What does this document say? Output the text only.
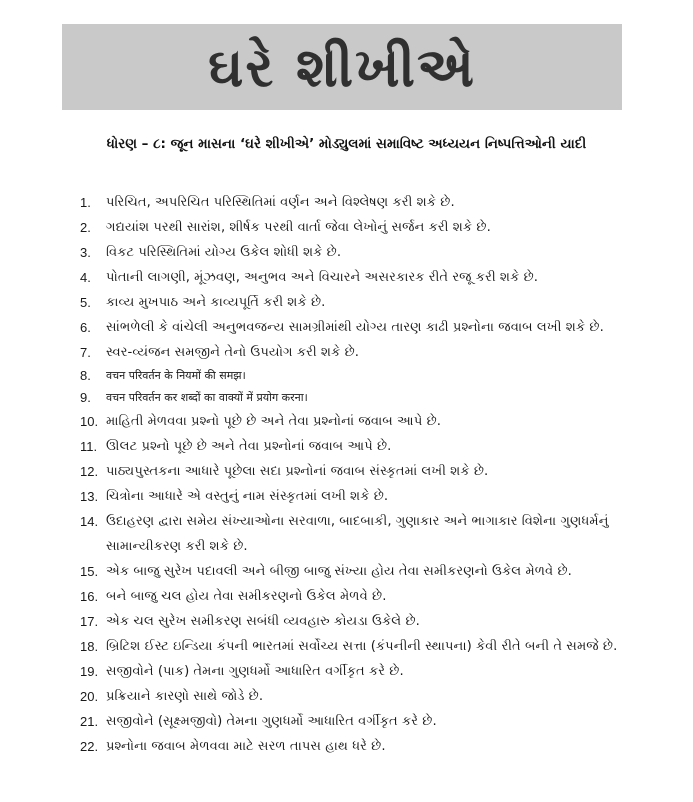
ઘરે શીખીએ
ધોરણ – ૮: જૂન માસના ‘ઘરે શીખીએ’ મોડ્યુલમાં સમાવિષ્ટ અધ્યયન નિષ્પત્તિઓની યાદી
1.	પરિચિત, અપરિચિત પરિસ્થિતિમાં વર્ણન અને વિશ્લેષણ કરી શકે છે.
2.	ગદ્યયાંશ પરથી સારાંશ, શીર્ષક પરથી વાર્તા જેવા લેખોનું સર્જન કરી શકે છે.
3.	વિકટ પરિસ્થિતિમાં યોગ્ય ઉકેલ શોધી શકે છે.
4.	પોતાની લાગણી, મૂંઝવણ, અનુભવ અને વિચારને અસરકારક રીતે રજૂ કરી શકે છે.
5.	કાવ્ય મુખપાઠ અને કાવ્યપૂર્તિ કરી શકે છે.
6.	સાંભળેલી કે વાંચેલી અનુભવજન્ય સામગ્રીમાંથી યોગ્ય તારણ કાઢી પ્રશ્નોના જવાબ લખી શકે છે.
7.	સ્વર-વ્યંજન સમજીને તેનો ઉપયોગ કરી શકે છે.
8.	वचन परिवर्तन के नियमों की समझ।
9.	वचन परिवर्तन कर शब्दों का वाक्यों में प्रयोग करना।
10. માહિતી મેળવવા પ્રશ્નો પૂછે છે અને તેવા પ્રશ્નોનાં જવાબ આપે છે.
11. ઊલટ પ્રશ્નો પૂછે છે અને તેવા પ્રશ્નોનાં જવાબ આપે છે.
12. પાઠ્યપુસ્તકના આધારે પૂછેલા સદા પ્રશ્નોનાં જવાબ સંસ્કૃતમાં લખી શકે છે.
13. ચિત્રોના આધારે એ વસ્તુનું નામ સંસ્કૃતમાં લખી શકે છે.
14. ઉદાહરણ દ્વારા સમેય સંખ્યાઓના સરવાળા, બાદબાકી, ગુણાકાર અને ભાગાકાર વિશેના ગુણધર્મનું સામાન્યીકરણ કરી શકે છે.
15. એક બાજુ સુરેખ પદાવલી અને બીજી બાજુ સંખ્યા હોય તેવા સમીકરણનો ઉકેલ મેળવે છે.
16. બને બાજુ ચલ હોય તેવા સમીકરણનો ઉકેલ મેળવે છે.
17. એક ચલ સુરેખ સમીકરણ સબંધી વ્યવહારુ કોયડા ઉકેલે છે.
18. બ્રિટિશ ઈસ્ટ ઇન્ડિયા કંપની ભારતમાં સર્વોચ્ય સત્તા (કંપનીની સ્થાપના) કેવી રીતે બની તે સમજે છે.
19. સજીવોને (પાક) તેમના ગુણધર્મો આધારિત વર્ગીકૃત કરે છે.
20. પ્રક્રિયાને કારણો સાથે જોડે છે.
21. સજીવોને (સૂક્ષ્મજીવો) તેમના ગુણધર્મો આધારિત વર્ગીકૃત કરે છે.
22. પ્રશ્નોના જવાબ મેળવવા માટે સરળ તાપસ હાથ ધરે છે.
